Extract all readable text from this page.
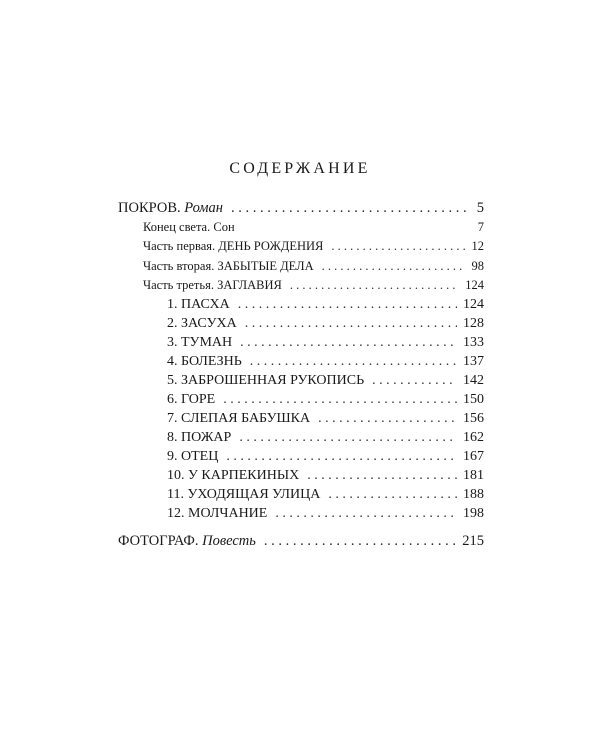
СОДЕРЖАНИЕ
ПОКРОВ. Роман . . .	5
Конец света. Сон	7
Часть первая. ДЕНЬ РОЖДЕНИЯ . . .	12
Часть вторая. ЗАБЫТЫЕ ДЕЛА . . .	98
Часть третья. ЗАГЛАВИЯ . . .	124
1. ПАСХА . . .	124
2. ЗАСУХА . . .	128
3. ТУМАН . . .	133
4. БОЛЕЗНЬ . . .	137
5. ЗАБРОШЕННАЯ РУКОПИСЬ . . .	142
6. ГОРЕ . . .	150
7. СЛЕПАЯ БАБУШКА . . .	156
8. ПОЖАР . . .	162
9. ОТЕЦ . . .	167
10. У КАРПЕКИНЫХ . . .	181
11. УХОДЯЩАЯ УЛИЦА . . .	188
12. МОЛЧАНИЕ . . .	198
ФОТОГРАФ. Повесть . . .	215
